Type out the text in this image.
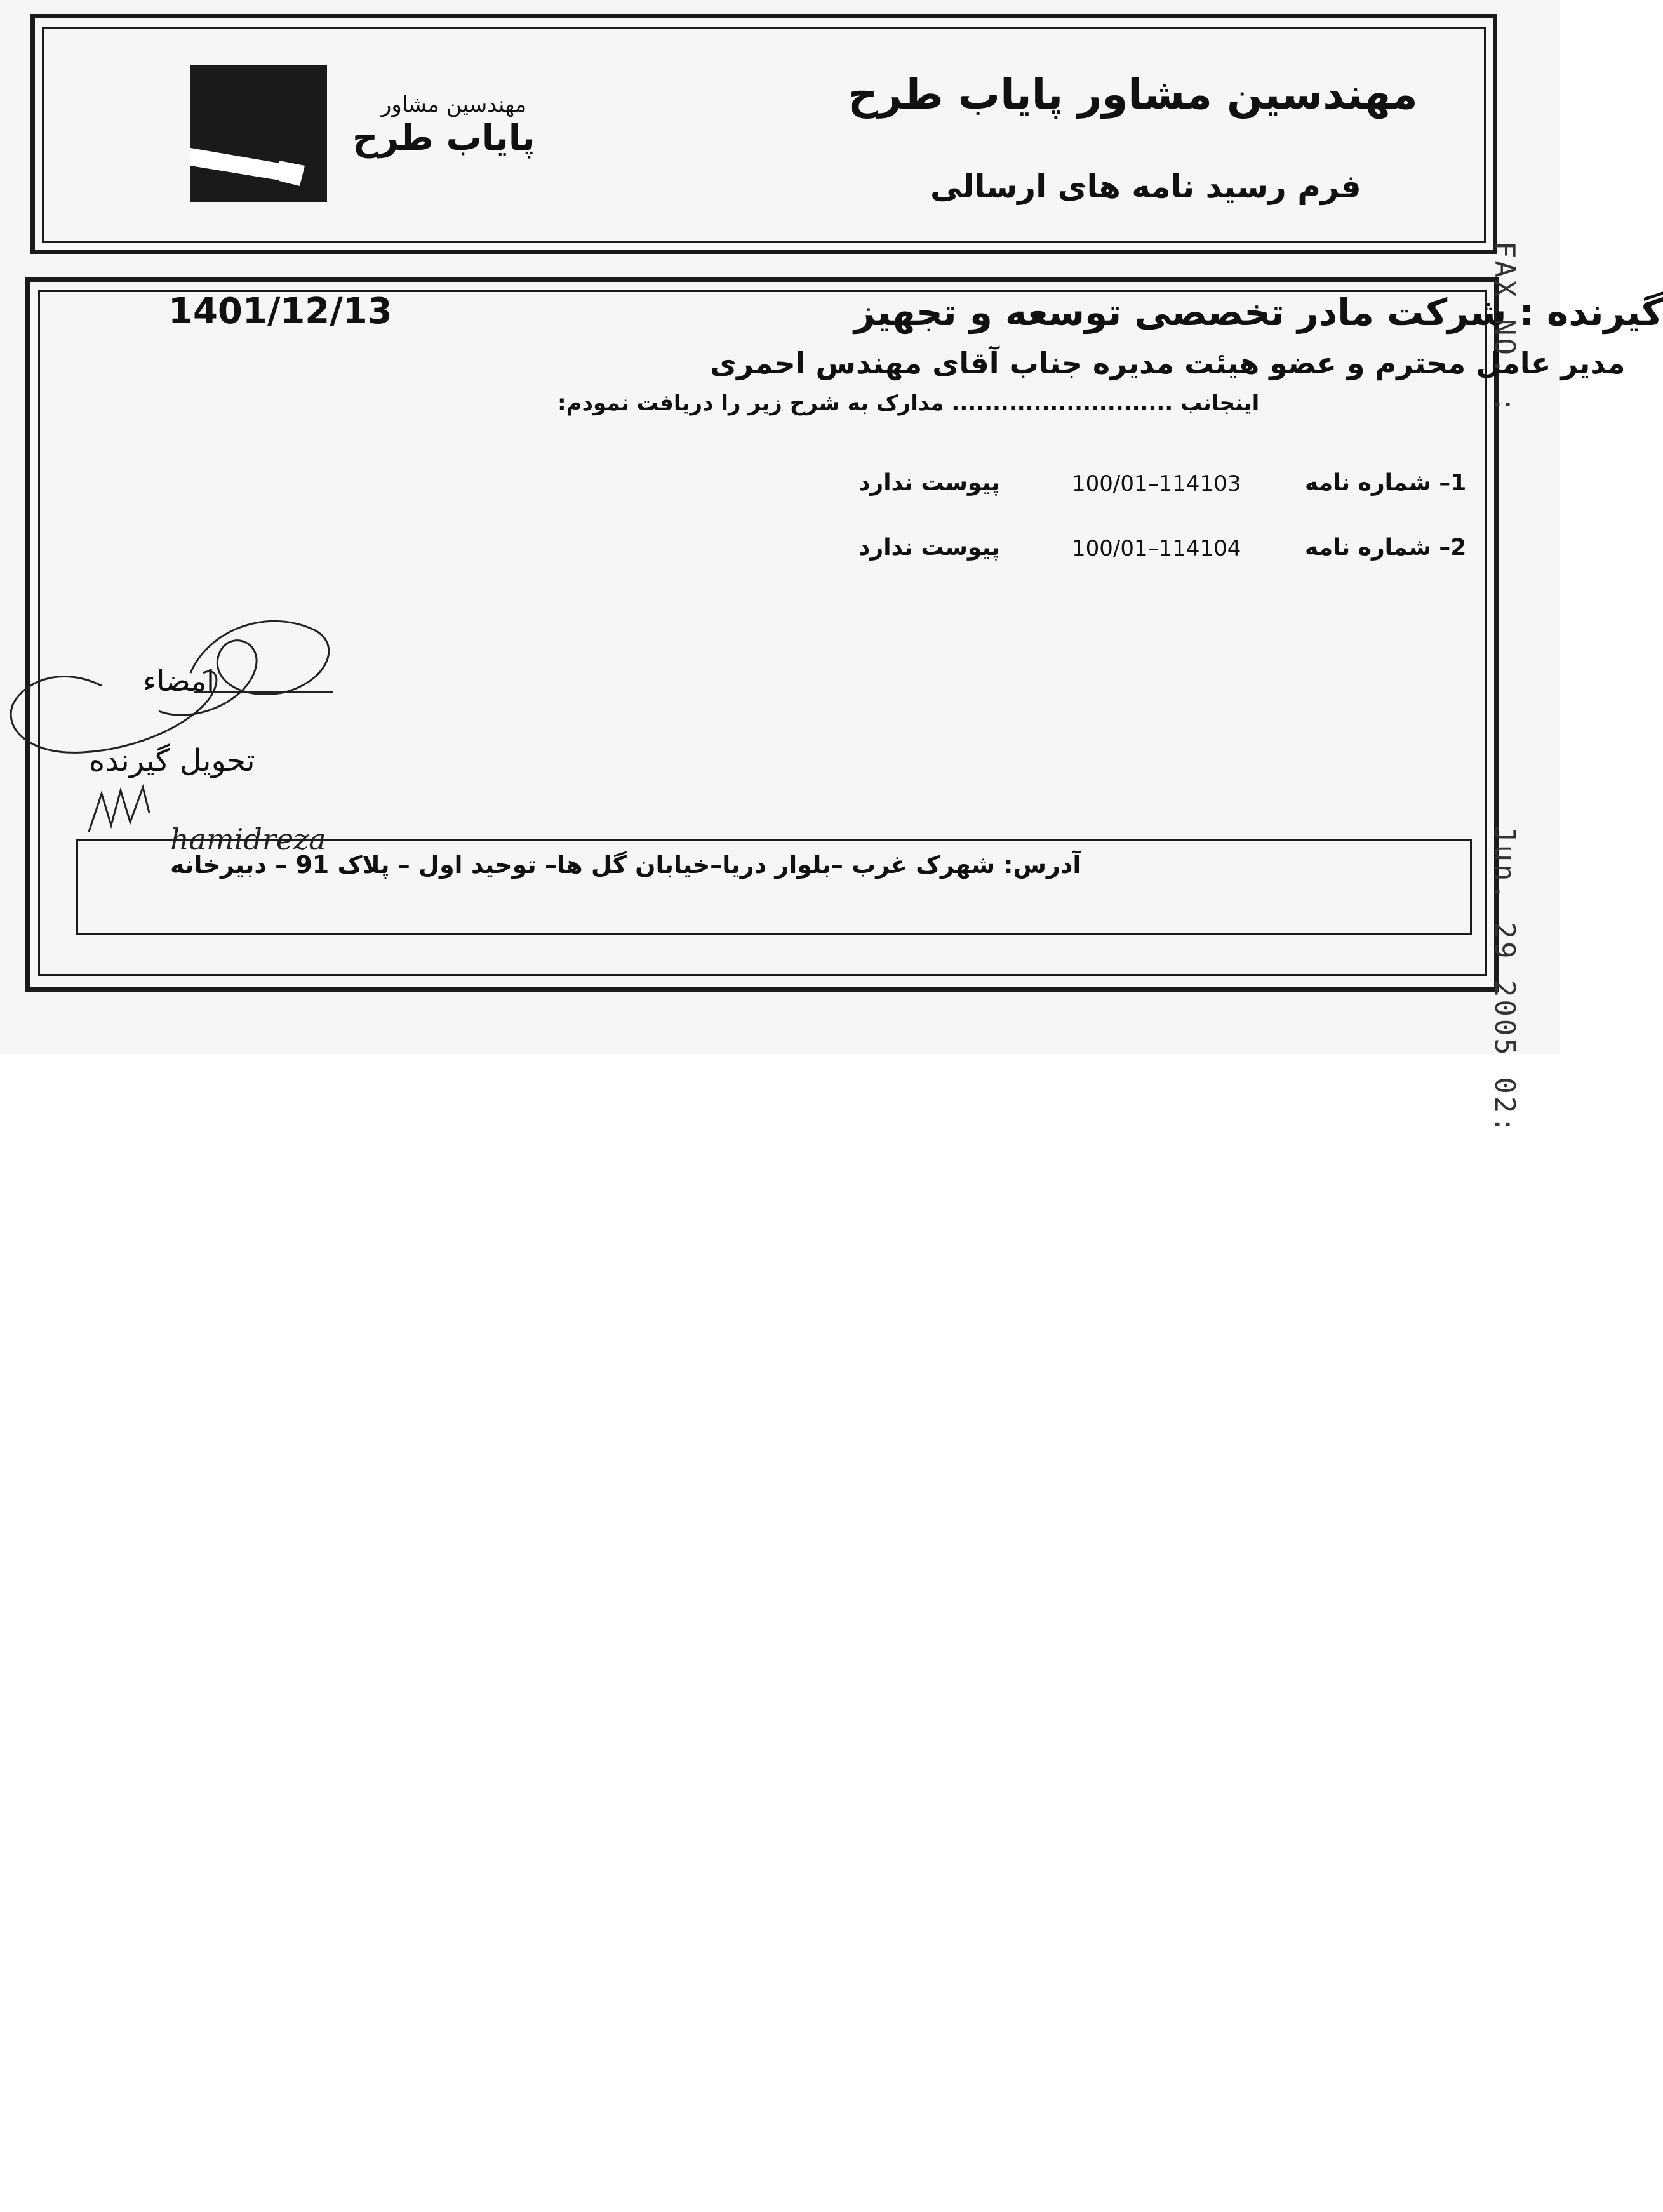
مهندسین مشاور
پایاب طرح
مهندسین مشاور پایاب طرح
فرم رسید نامه های ارسالی
1401/12/13	گیرنده : شرکت مادر تخصصی توسعه و تجهیز
مدیر عامل محترم و عضو هیئت مدیره جناب آقای مهندس احمری
اینجانب ........................... مدارک به شرح زیر را دریافت نمودم:
1– شماره نامه
100/01–114103
پیوست ندارد
2– شماره نامه
100/01–114104
پیوست ندارد
امضاء
تحویل گیرنده
hamidreza
آدرس: شهرک غرب –بلوار دریا–خیابان گل ها– توحید اول – پلاک 91 – دبیرخانه
FAX NO. :
Jun. 29 2005 02:
